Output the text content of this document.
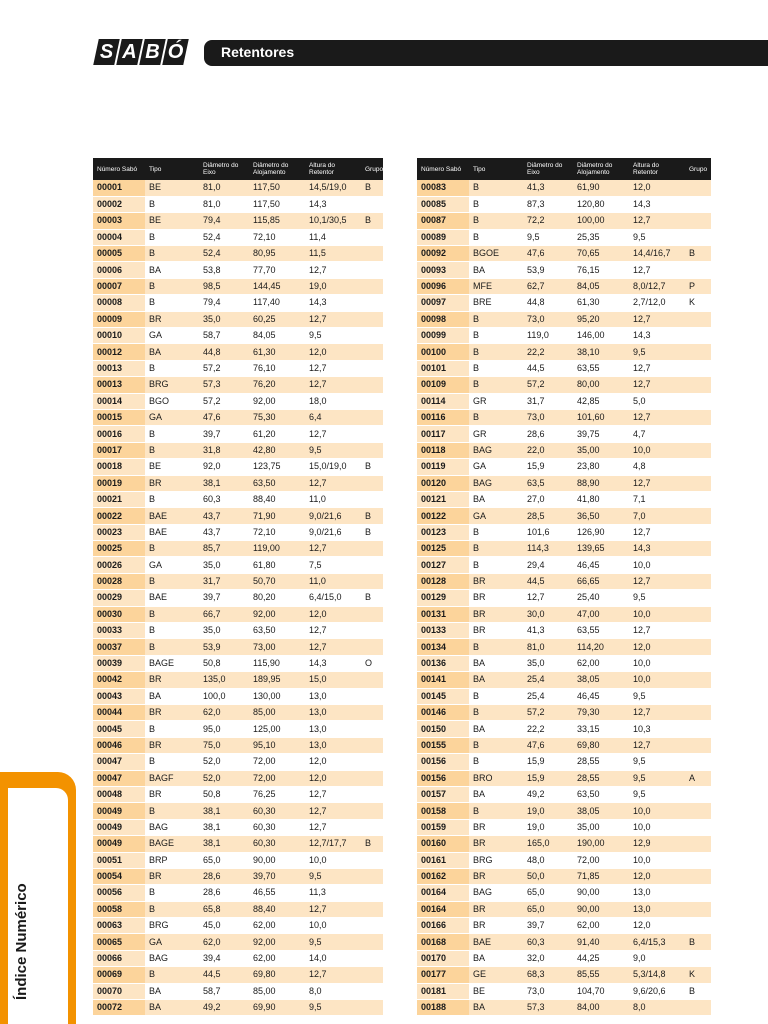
S A B Ó	Retentores
Índice Numérico
Número Sabó	Tipo	Diâmetro do Eixo	Diâmetro do Alojamento	Altura do Retentor	Grupo
00001	BE	81,0	117,50	14,5/19,0	B
00002	B	81,0	117,50	14,3	
00003	BE	79,4	115,85	10,1/30,5	B
00004	B	52,4	72,10	11,4	
00005	B	52,4	80,95	11,5	
00006	BA	53,8	77,70	12,7	
00007	B	98,5	144,45	19,0	
00008	B	79,4	117,40	14,3	
00009	BR	35,0	60,25	12,7	
00010	GA	58,7	84,05	9,5	
00012	BA	44,8	61,30	12,0	
00013	B	57,2	76,10	12,7	
00013	BRG	57,3	76,20	12,7	
00014	BGO	57,2	92,00	18,0	
00015	GA	47,6	75,30	6,4	
00016	B	39,7	61,20	12,7	
00017	B	31,8	42,80	9,5	
00018	BE	92,0	123,75	15,0/19,0	B
00019	BR	38,1	63,50	12,7	
00021	B	60,3	88,40	11,0	
00022	BAE	43,7	71,90	9,0/21,6	B
00023	BAE	43,7	72,10	9,0/21,6	B
00025	B	85,7	119,00	12,7	
00026	GA	35,0	61,80	7,5	
00028	B	31,7	50,70	11,0	
00029	BAE	39,7	80,20	6,4/15,0	B
00030	B	66,7	92,00	12,0	
00033	B	35,0	63,50	12,7	
00037	B	53,9	73,00	12,7	
00039	BAGE	50,8	115,90	14,3	O
00042	BR	135,0	189,95	15,0	
00043	BA	100,0	130,00	13,0	
00044	BR	62,0	85,00	13,0	
00045	B	95,0	125,00	13,0	
00046	BR	75,0	95,10	13,0	
00047	B	52,0	72,00	12,0	
00047	BAGF	52,0	72,00	12,0	
00048	BR	50,8	76,25	12,7	
00049	B	38,1	60,30	12,7	
00049	BAG	38,1	60,30	12,7	
00049	BAGE	38,1	60,30	12,7/17,7	B
00051	BRP	65,0	90,00	10,0	
00054	BR	28,6	39,70	9,5	
00056	B	28,6	46,55	11,3	
00058	B	65,8	88,40	12,7	
00063	BRG	45,0	62,00	10,0	
00065	GA	62,0	92,00	9,5	
00066	BAG	39,4	62,00	14,0	
00069	B	44,5	69,80	12,7	
00070	BA	58,7	85,00	8,0	
00072	BA	49,2	69,90	9,5	
Número Sabó	Tipo	Diâmetro do Eixo	Diâmetro do Alojamento	Altura do Retentor	Grupo
00083	B	41,3	61,90	12,0	
00085	B	87,3	120,80	14,3	
00087	B	72,2	100,00	12,7	
00089	B	9,5	25,35	9,5	
00092	BGOE	47,6	70,65	14,4/16,7	B
00093	BA	53,9	76,15	12,7	
00096	MFE	62,7	84,05	8,0/12,7	P
00097	BRE	44,8	61,30	2,7/12,0	K
00098	B	73,0	95,20	12,7	
00099	B	119,0	146,00	14,3	
00100	B	22,2	38,10	9,5	
00101	B	44,5	63,55	12,7	
00109	B	57,2	80,00	12,7	
00114	GR	31,7	42,85	5,0	
00116	B	73,0	101,60	12,7	
00117	GR	28,6	39,75	4,7	
00118	BAG	22,0	35,00	10,0	
00119	GA	15,9	23,80	4,8	
00120	BAG	63,5	88,90	12,7	
00121	BA	27,0	41,80	7,1	
00122	GA	28,5	36,50	7,0	
00123	B	101,6	126,90	12,7	
00125	B	114,3	139,65	14,3	
00127	B	29,4	46,45	10,0	
00128	BR	44,5	66,65	12,7	
00129	BR	12,7	25,40	9,5	
00131	BR	30,0	47,00	10,0	
00133	BR	41,3	63,55	12,7	
00134	B	81,0	114,20	12,0	
00136	BA	35,0	62,00	10,0	
00141	BA	25,4	38,05	10,0	
00145	B	25,4	46,45	9,5	
00146	B	57,2	79,30	12,7	
00150	BA	22,2	33,15	10,3	
00155	B	47,6	69,80	12,7	
00156	B	15,9	28,55	9,5	
00156	BRO	15,9	28,55	9,5	A
00157	BA	49,2	63,50	9,5	
00158	B	19,0	38,05	10,0	
00159	BR	19,0	35,00	10,0	
00160	BR	165,0	190,00	12,9	
00161	BRG	48,0	72,00	10,0	
00162	BR	50,0	71,85	12,0	
00164	BAG	65,0	90,00	13,0	
00164	BR	65,0	90,00	13,0	
00166	BR	39,7	62,00	12,0	
00168	BAE	60,3	91,40	6,4/15,3	B
00170	BA	32,0	44,25	9,0	
00177	GE	68,3	85,55	5,3/14,8	K
00181	BE	73,0	104,70	9,6/20,6	B
00188	BA	57,3	84,00	8,0	
